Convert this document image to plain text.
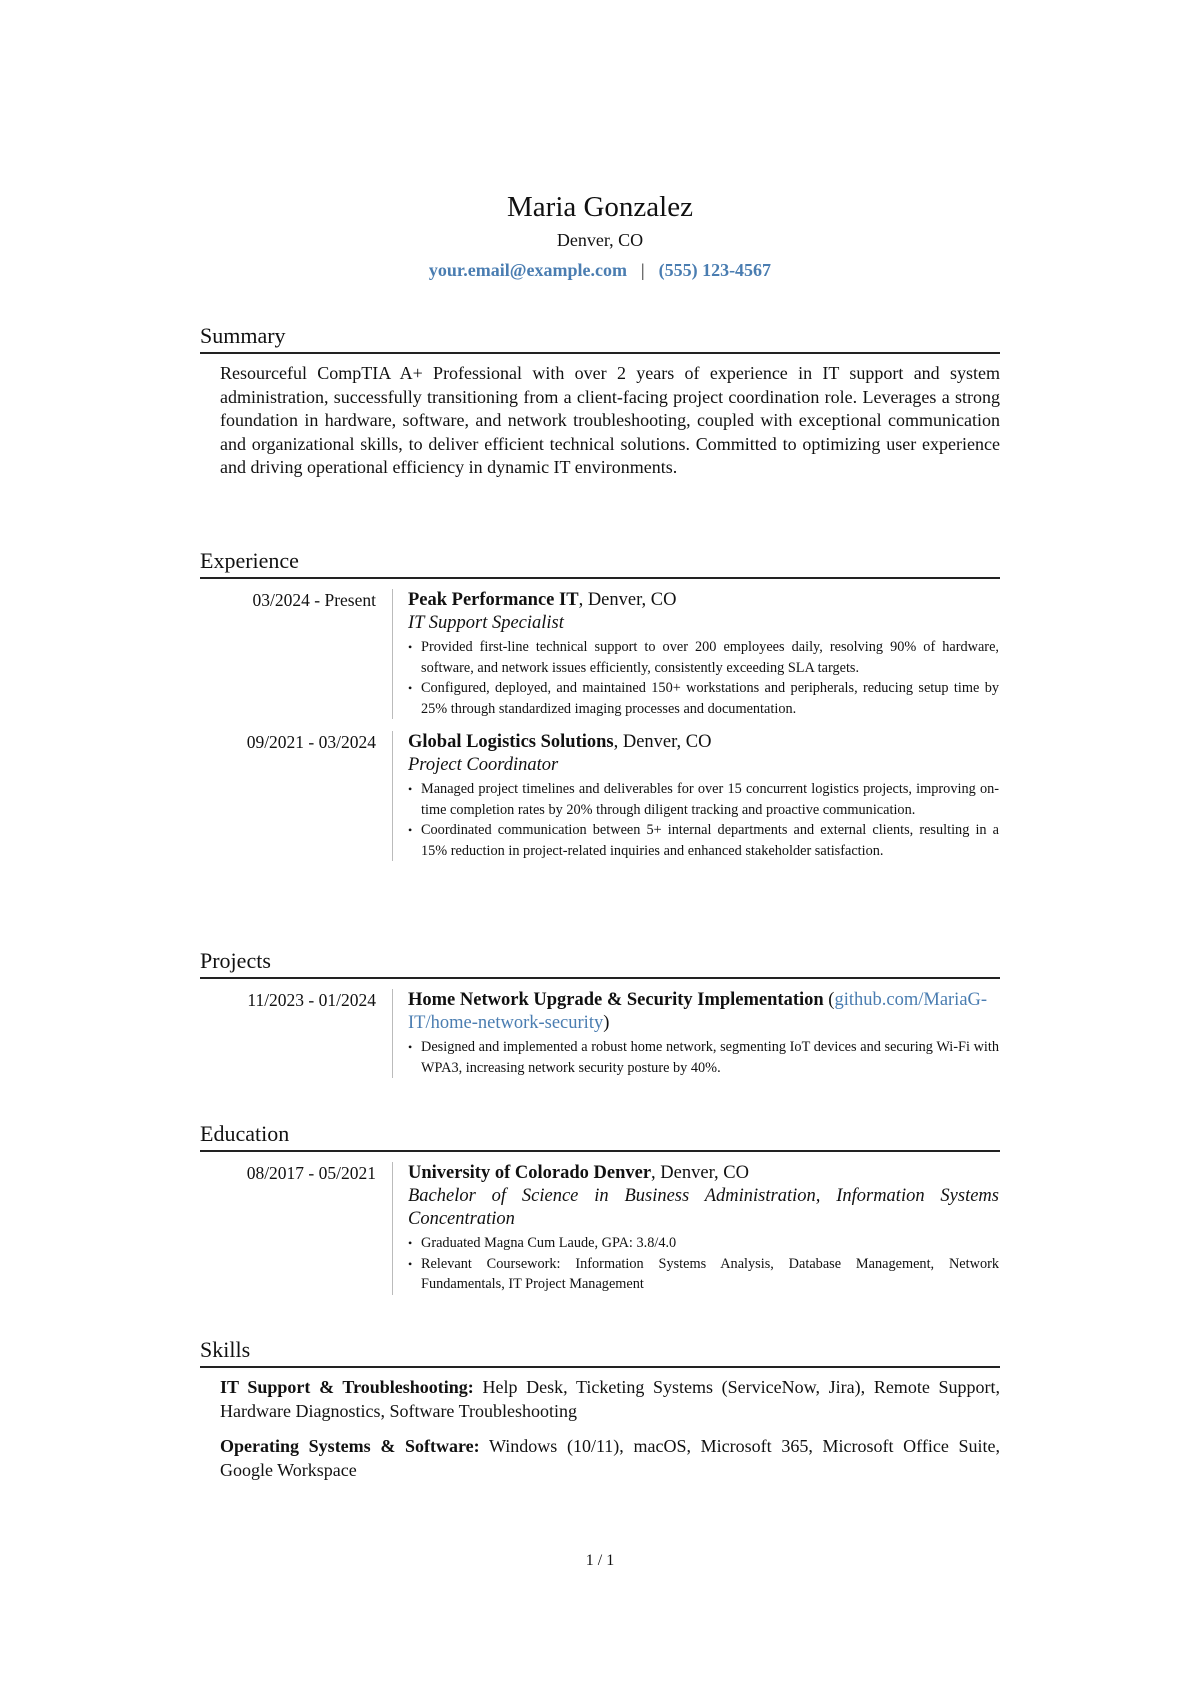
Maria Gonzalez
Denver, CO
your.email@example.com | (555) 123-4567
Summary

Resourceful CompTIA A+ Professional with over 2 years of experience in IT support and system administration, successfully transitioning from a client-facing project coordination role. Leverages a strong foundation in hardware, software, and network troubleshooting, coupled with exceptional communication and organizational skills, to deliver efficient technical solutions. Committed to optimizing user experience and driving operational efficiency in dynamic IT environments.

Experience
03/2024 - Present	Peak Performance IT, Denver, CO
IT Support Specialist
• Provided first-line technical support to over 200 employees daily, resolving 90% of hardware, software, and network issues efficiently, consistently exceeding SLA targets.
• Configured, deployed, and maintained 150+ workstations and peripherals, reducing setup time by 25% through standardized imaging processes and documentation.
09/2021 - 03/2024	Global Logistics Solutions, Denver, CO
Project Coordinator
• Managed project timelines and deliverables for over 15 concurrent logistics projects, improving on-time completion rates by 20% through diligent tracking and proactive communication.
• Coordinated communication between 5+ internal departments and external clients, resulting in a 15% reduction in project-related inquiries and enhanced stakeholder satisfaction.
Projects
11/2023 - 01/2024	Home Network Upgrade & Security Implementation (github.com/MariaG-IT/home-network-security)
• Designed and implemented a robust home network, segmenting IoT devices and securing Wi-Fi with WPA3, increasing network security posture by 40%.
Education
08/2017 - 05/2021	University of Colorado Denver, Denver, CO
Bachelor of Science in Business Administration, Information Systems Concentration
• Graduated Magna Cum Laude, GPA: 3.8/4.0
• Relevant Coursework: Information Systems Analysis, Database Management, Network Fundamentals, IT Project Management
Skills
IT Support & Troubleshooting: Help Desk, Ticketing Systems (ServiceNow, Jira), Remote Support, Hardware Diagnostics, Software Troubleshooting
Operating Systems & Software: Windows (10/11), macOS, Microsoft 365, Microsoft Office Suite, Google Workspace
1 / 1
